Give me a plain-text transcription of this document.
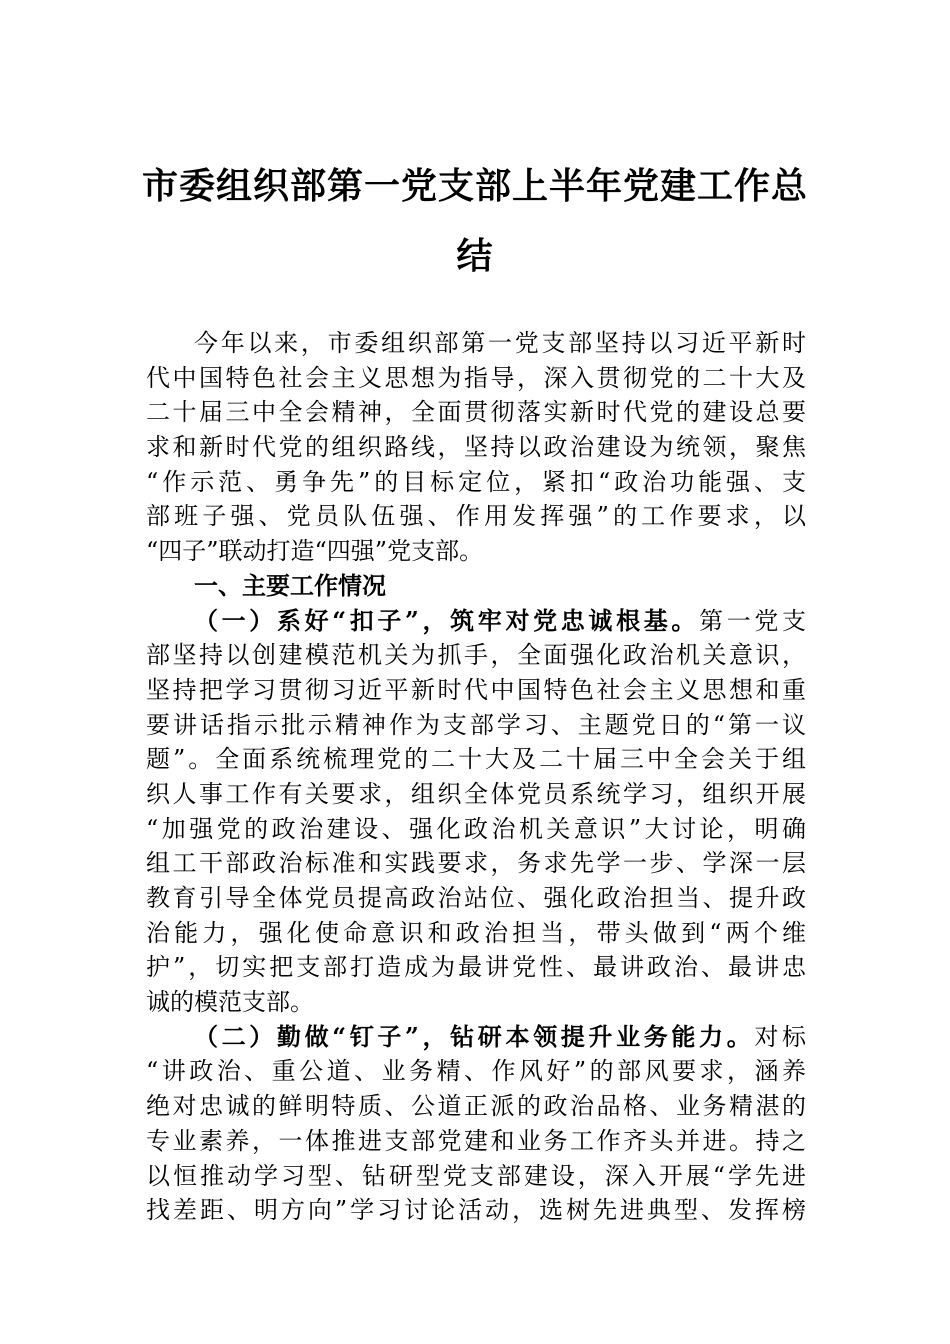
市委组织部第一党支部上半年党建工作总
结
今年以来，市委组织部第一党支部坚持以习近平新时
代中国特色社会主义思想为指导，深入贯彻党的二十大及
二十届三中全会精神，全面贯彻落实新时代党的建设总要
求和新时代党的组织路线，坚持以政治建设为统领，聚焦
“作示范、勇争先”的目标定位，紧扣“政治功能强、支
部班子强、党员队伍强、作用发挥强”的工作要求，以
“四子”联动打造“四强”党支部。
一、主要工作情况
（一）系好“扣子”，筑牢对党忠诚根基。第一党支
部坚持以创建模范机关为抓手，全面强化政治机关意识，
坚持把学习贯彻习近平新时代中国特色社会主义思想和重
要讲话指示批示精神作为支部学习、主题党日的“第一议
题”。全面系统梳理党的二十大及二十届三中全会关于组
织人事工作有关要求，组织全体党员系统学习，组织开展
“加强党的政治建设、强化政治机关意识”大讨论，明确
组工干部政治标准和实践要求，务求先学一步、学深一层
教育引导全体党员提高政治站位、强化政治担当、提升政
治能力，强化使命意识和政治担当，带头做到“两个维
护”，切实把支部打造成为最讲党性、最讲政治、最讲忠
诚的模范支部。
（二）勤做“钉子”，钻研本领提升业务能力。对标
“讲政治、重公道、业务精、作风好”的部风要求，涵养
绝对忠诚的鲜明特质、公道正派的政治品格、业务精湛的
专业素养，一体推进支部党建和业务工作齐头并进。持之
以恒推动学习型、钻研型党支部建设，深入开展“学先进
找差距、明方向”学习讨论活动，选树先进典型、发挥榜
